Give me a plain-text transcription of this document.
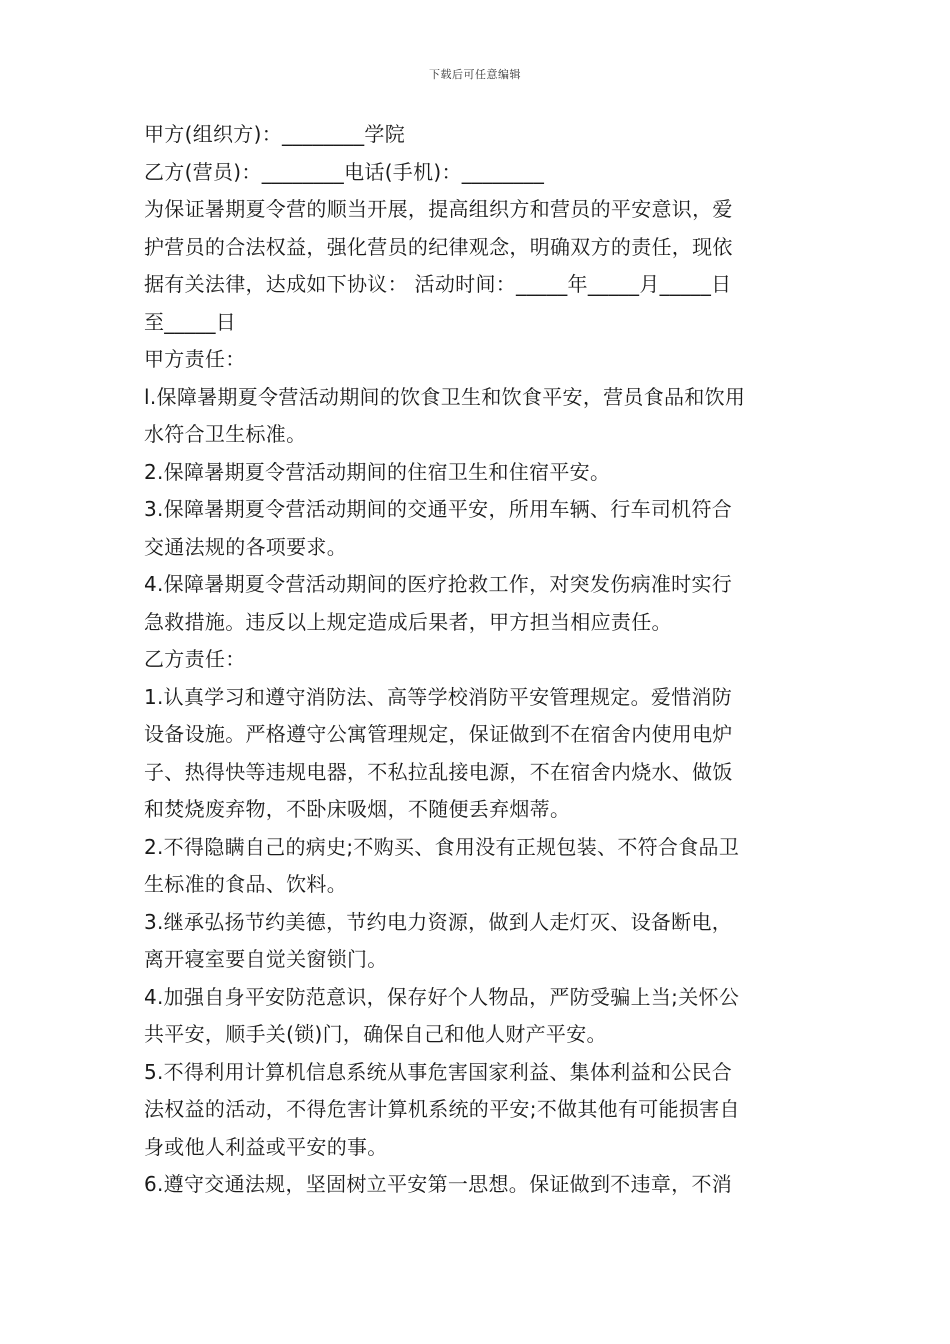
下载后可任意编辑
甲方(组织方)：________学院
乙方(营员)：________电话(手机)：________
为保证暑期夏令营的顺当开展，提高组织方和营员的平安意识，爱
护营员的合法权益，强化营员的纪律观念，明确双方的责任，现依
据有关法律，达成如下协议： 活动时间：_____年_____月_____日
至_____日
甲方责任：
l.保障暑期夏令营活动期间的饮食卫生和饮食平安，营员食品和饮用
水符合卫生标准。
2.保障暑期夏令营活动期间的住宿卫生和住宿平安。
3.保障暑期夏令营活动期间的交通平安，所用车辆、行车司机符合
交通法规的各项要求。
4.保障暑期夏令营活动期间的医疗抢救工作，对突发伤病准时实行
急救措施。违反以上规定造成后果者，甲方担当相应责任。
乙方责任：
1.认真学习和遵守消防法、高等学校消防平安管理规定。爱惜消防
设备设施。严格遵守公寓管理规定，保证做到不在宿舍内使用电炉
子、热得快等违规电器，不私拉乱接电源，不在宿舍内烧水、做饭
和焚烧废弃物，不卧床吸烟，不随便丢弃烟蒂。
2.不得隐瞒自己的病史;不购买、食用没有正规包装、不符合食品卫
生标准的食品、饮料。
3.继承弘扬节约美德，节约电力资源，做到人走灯灭、设备断电，
离开寝室要自觉关窗锁门。
4.加强自身平安防范意识，保存好个人物品，严防受骗上当;关怀公
共平安，顺手关(锁)门，确保自己和他人财产平安。
5.不得利用计算机信息系统从事危害国家利益、集体利益和公民合
法权益的活动，不得危害计算机系统的平安;不做其他有可能损害自
身或他人利益或平安的事。
6.遵守交通法规，坚固树立平安第一思想。保证做到不违章，不消
